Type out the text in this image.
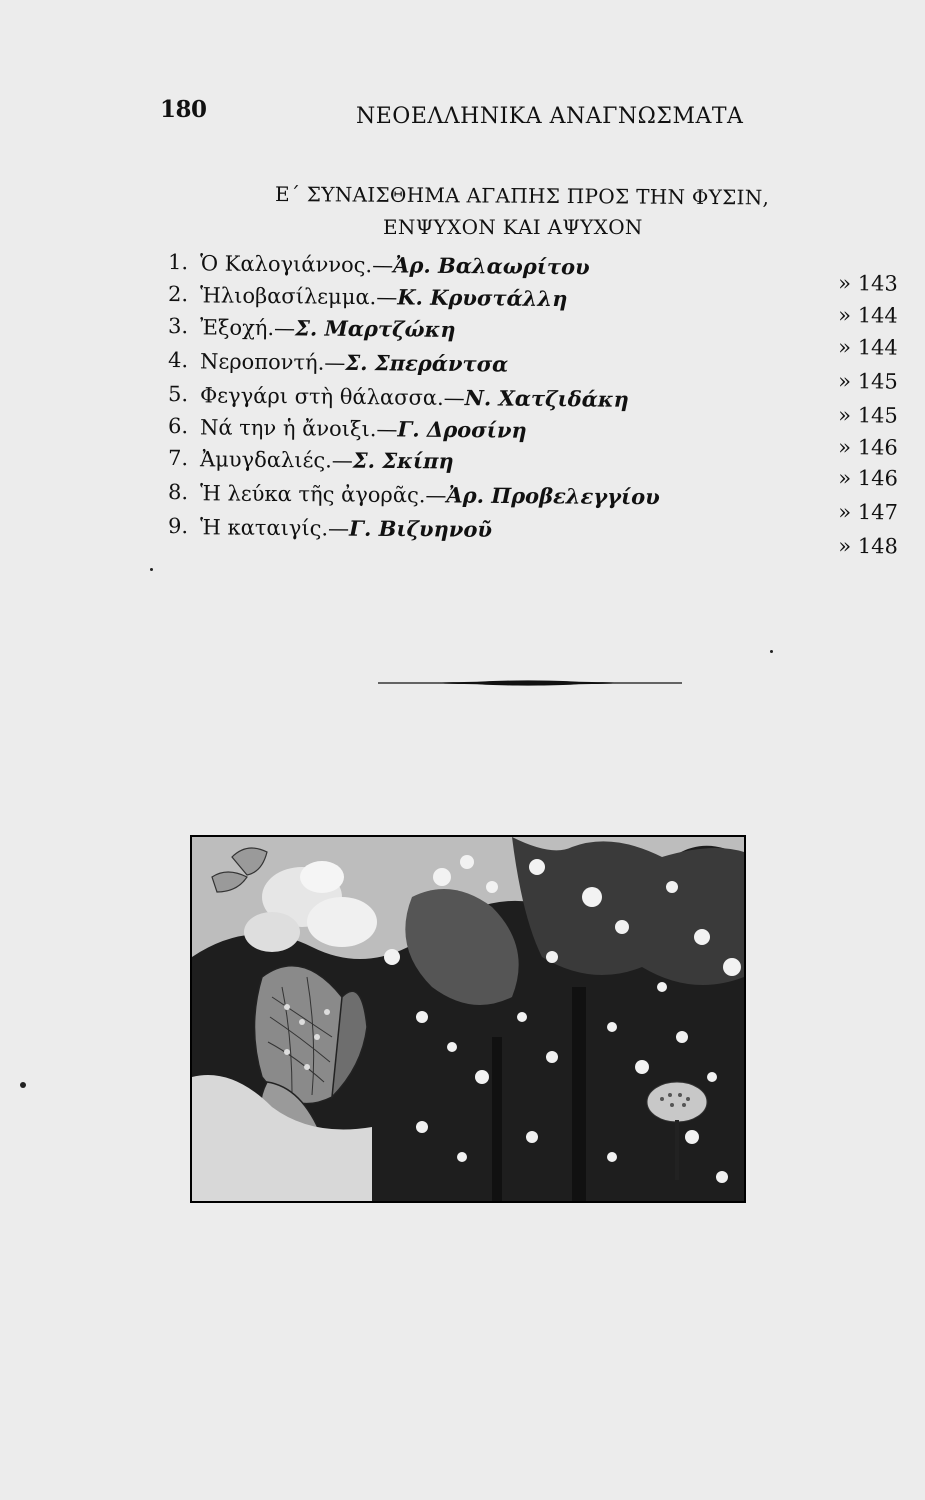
180	ΝΕΟΕΛΛΗΝΙΚΑ ΑΝΑΓΝΩΣΜΑΤΑ
Ε΄ ΣΥΝΑΙΣΘΗΜΑ ΑΓΑΠΗΣ ΠΡΟΣ ΤΗΝ ΦΥΣΙΝ,
ΕΝΨΥΧΟΝ ΚΑΙ ΑΨΥΧΟΝ
1. Ὁ Καλογιάννος.—Ἀρ. Βαλαωρίτου
» 143
2. Ἡλιοβασίλεμμα.—Κ. Κρυστάλλη
» 144
3. Ἐξοχή.—Σ. Μαρτζώκη
» 144
4. Νεροποντή.—Σ. Σπεράντσα
» 145
5. Φεγγάρι στὴ θάλασσα.—Ν. Χατζιδάκη
» 145
6. Νά την ἡ ἄνοιξι.—Γ. Δροσίνη
» 146
7. Ἀμυγδαλιές.—Σ. Σκίπη
» 146
8. Ἡ λεύκα τῆς ἀγορᾶς.—Ἀρ. Προβελεγγίου
» 147
9. Ἡ καταιγίς.—Γ. Βιζυηνοῦ
» 148
